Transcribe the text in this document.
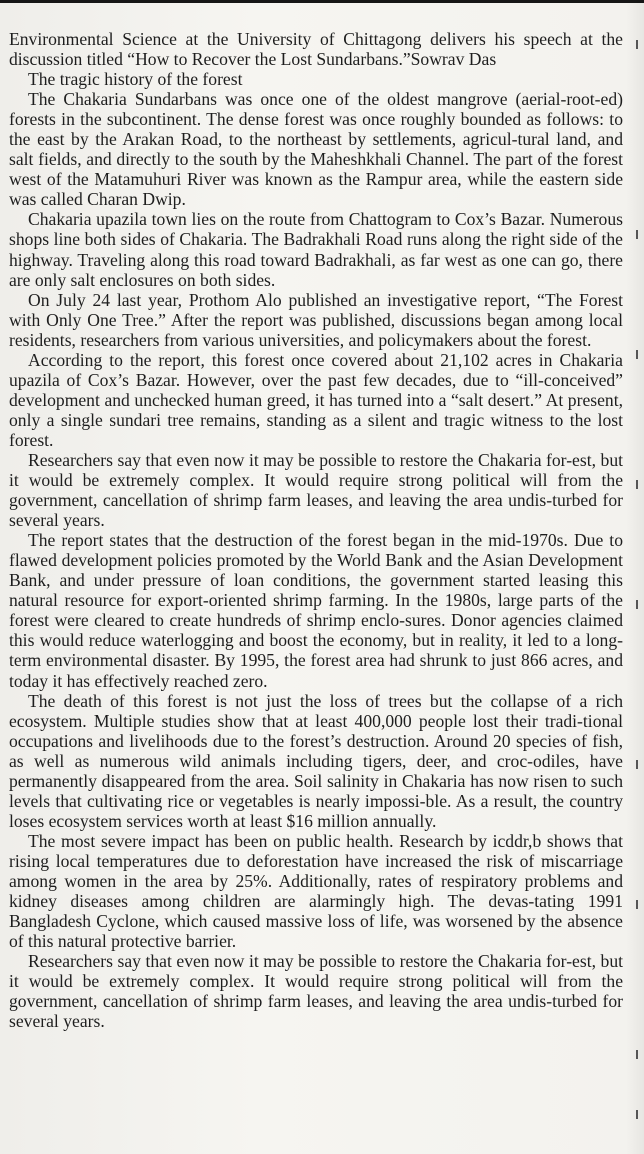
Environmental Science at the University of Chittagong delivers his speech at the discussion titled “How to Recover the Lost Sundarbans.”Sowrav Das

The tragic history of the forest

The Chakaria Sundarbans was once one of the oldest mangrove (aerial-root-ed) forests in the subcontinent. The dense forest was once roughly bounded as follows: to the east by the Arakan Road, to the northeast by settlements, agricul-tural land, and salt fields, and directly to the south by the Maheshkhali Channel. The part of the forest west of the Matamuhuri River was known as the Rampur area, while the eastern side was called Charan Dwip.

Chakaria upazila town lies on the route from Chattogram to Cox’s Bazar. Numerous shops line both sides of Chakaria. The Badrakhali Road runs along the right side of the highway. Traveling along this road toward Badrakhali, as far west as one can go, there are only salt enclosures on both sides.

On July 24 last year, Prothom Alo published an investigative report, “The Forest with Only One Tree.” After the report was published, discussions began among local residents, researchers from various universities, and policymakers about the forest.

According to the report, this forest once covered about 21,102 acres in Chakaria upazila of Cox’s Bazar. However, over the past few decades, due to “ill-conceived” development and unchecked human greed, it has turned into a “salt desert.” At present, only a single sundari tree remains, standing as a silent and tragic witness to the lost forest.

Researchers say that even now it may be possible to restore the Chakaria for-est, but it would be extremely complex. It would require strong political will from the government, cancellation of shrimp farm leases, and leaving the area undis-turbed for several years.

The report states that the destruction of the forest began in the mid-1970s. Due to flawed development policies promoted by the World Bank and the Asian Development Bank, and under pressure of loan conditions, the government started leasing this natural resource for export-oriented shrimp farming. In the 1980s, large parts of the forest were cleared to create hundreds of shrimp enclo-sures. Donor agencies claimed this would reduce waterlogging and boost the economy, but in reality, it led to a long-term environmental disaster. By 1995, the forest area had shrunk to just 866 acres, and today it has effectively reached zero.

The death of this forest is not just the loss of trees but the collapse of a rich ecosystem. Multiple studies show that at least 400,000 people lost their tradi-tional occupations and livelihoods due to the forest’s destruction. Around 20 species of fish, as well as numerous wild animals including tigers, deer, and croc-odiles, have permanently disappeared from the area. Soil salinity in Chakaria has now risen to such levels that cultivating rice or vegetables is nearly impossi-ble. As a result, the country loses ecosystem services worth at least $16 million annually.

The most severe impact has been on public health. Research by icddr,b shows that rising local temperatures due to deforestation have increased the risk of miscarriage among women in the area by 25%. Additionally, rates of respiratory problems and kidney diseases among children are alarmingly high. The devas-tating 1991 Bangladesh Cyclone, which caused massive loss of life, was worsened by the absence of this natural protective barrier.

Researchers say that even now it may be possible to restore the Chakaria for-est, but it would be extremely complex. It would require strong political will from the government, cancellation of shrimp farm leases, and leaving the area undis-turbed for several years.
